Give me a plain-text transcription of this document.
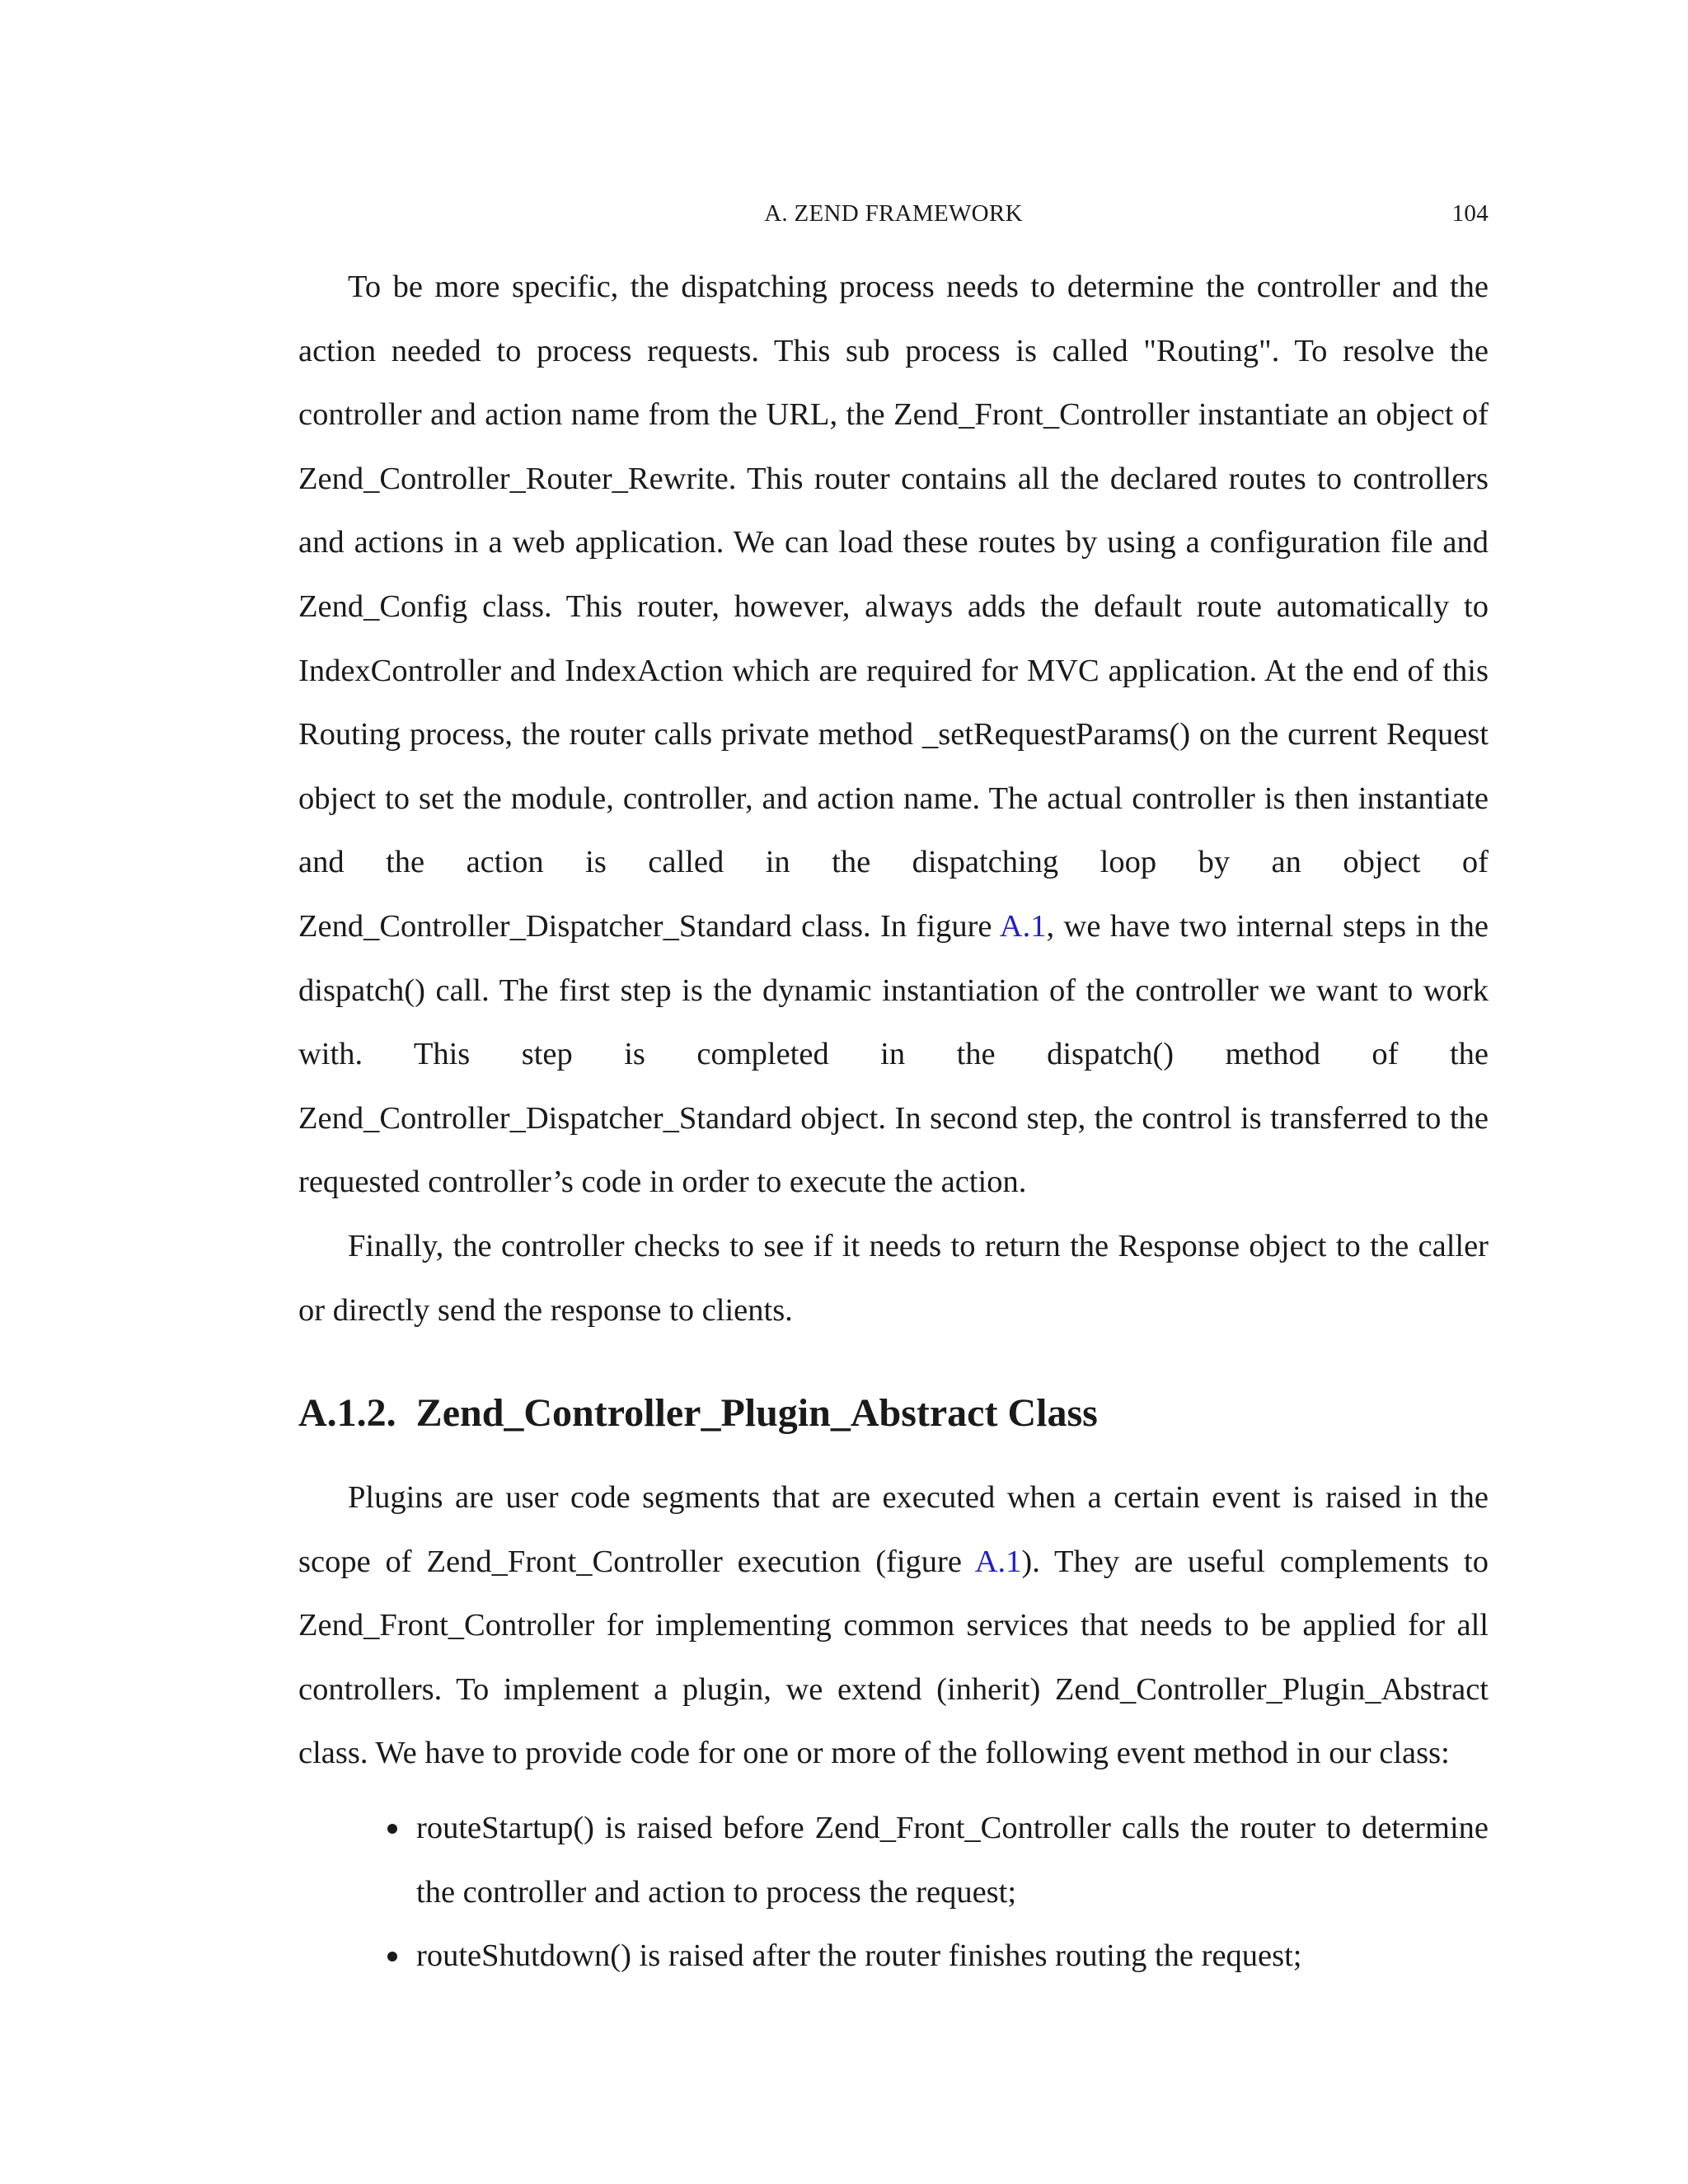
A. ZEND FRAMEWORK	104

To be more specific, the dispatching process needs to determine the controller and the action needed to process requests. This sub process is called "Routing". To resolve the controller and action name from the URL, the Zend_Front_Controller instantiate an object of Zend_Controller_Router_Rewrite. This router contains all the declared routes to controllers and actions in a web application. We can load these routes by using a configuration file and Zend_Config class. This router, however, always adds the default route automatically to IndexController and IndexAction which are required for MVC application. At the end of this Routing process, the router calls private method _setRequestParams() on the current Request object to set the module, controller, and action name. The actual controller is then instantiate and the action is called in the dispatching loop by an object of Zend_Controller_Dispatcher_Standard class. In figure A.1, we have two internal steps in the dispatch() call. The first step is the dynamic instantiation of the controller we want to work with. This step is completed in the dispatch() method of the Zend_Controller_Dispatcher_Standard object. In second step, the control is transferred to the requested controller’s code in order to execute the action.

Finally, the controller checks to see if it needs to return the Response object to the caller or directly send the response to clients.

A.1.2. Zend_Controller_Plugin_Abstract Class

Plugins are user code segments that are executed when a certain event is raised in the scope of Zend_Front_Controller execution (figure A.1). They are useful complements to Zend_Front_Controller for implementing common services that needs to be applied for all controllers. To implement a plugin, we extend (inherit) Zend_Controller_Plugin_Abstract class. We have to provide code for one or more of the following event method in our class:

routeStartup() is raised before Zend_Front_Controller calls the router to determine the controller and action to process the request;
routeShutdown() is raised after the router finishes routing the request;
